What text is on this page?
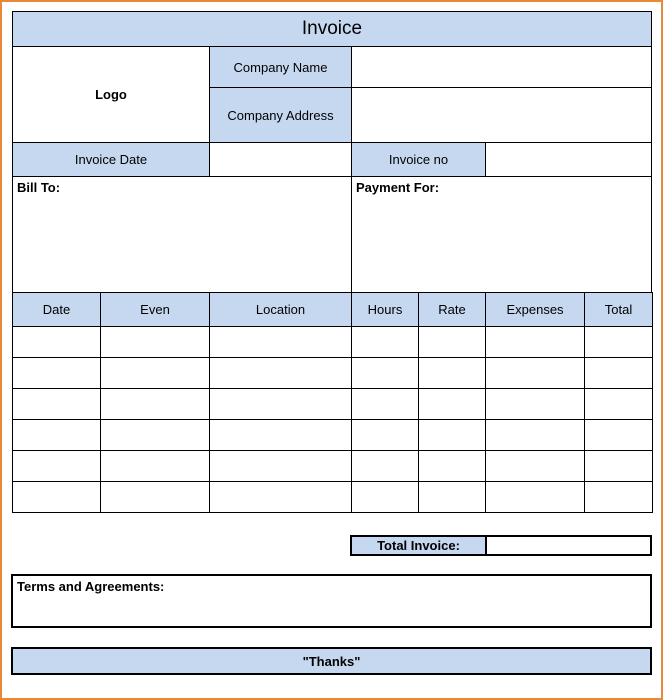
Invoice
Logo
Company Name
Company Address
Invoice Date	Invoice no
Bill To:	Payment For:
Date	Even	Location	Hours	Rate	Expenses	Total

Total Invoice:
Terms and Agreements:
"Thanks"
